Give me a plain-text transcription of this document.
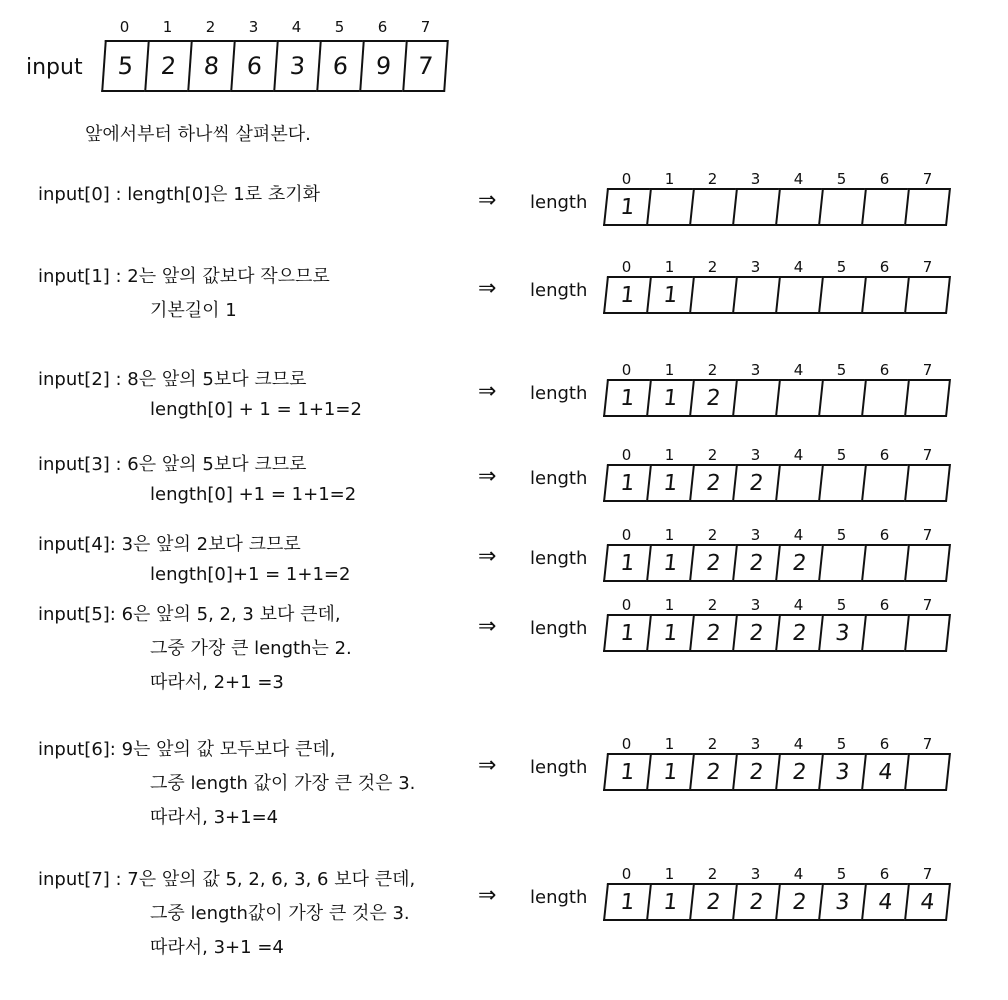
input
0	1	2	3	4	5	6	7
5	2	8	6	3	6	9	7
앞에서부터 하나씩 살펴본다.
input[0] : length[0]은 1로 초기화	⇒ length
0	1	2	3	4	5	6	7
1
input[1] : 2는 앞의 값보다 작으므로
기본길이 1
⇒ length
0	1	2	3	4	5	6	7
1	1
input[2] : 8은 앞의 5보다 크므로
length[0] + 1 = 1+1=2
⇒ length
0	1	2	3	4	5	6	7
1	1	2
input[3] : 6은 앞의 5보다 크므로
length[0] +1 = 1+1=2
⇒ length
0	1	2	3	4	5	6	7
1	1	2	2
input[4]: 3은 앞의 2보다 크므로
length[0]+1 = 1+1=2
⇒ length
0	1	2	3	4	5	6	7
1	1	2	2	2
input[5]: 6은 앞의 5, 2, 3 보다 큰데,
그중 가장 큰 length는 2.
따라서, 2+1 =3
⇒ length
0	1	2	3	4	5	6	7
1	1	2	2	2	3
input[6]: 9는 앞의 값 모두보다 큰데,
그중 length 값이 가장 큰 것은 3.
따라서, 3+1=4
⇒ length
0	1	2	3	4	5	6	7
1	1	2	2	2	3	4
input[7] : 7은 앞의 값 5, 2, 6, 3, 6 보다 큰데,
그중 length값이 가장 큰 것은 3.
따라서, 3+1 =4
⇒ length
0	1	2	3	4	5	6	7
1	1	2	2	2	3	4	4
